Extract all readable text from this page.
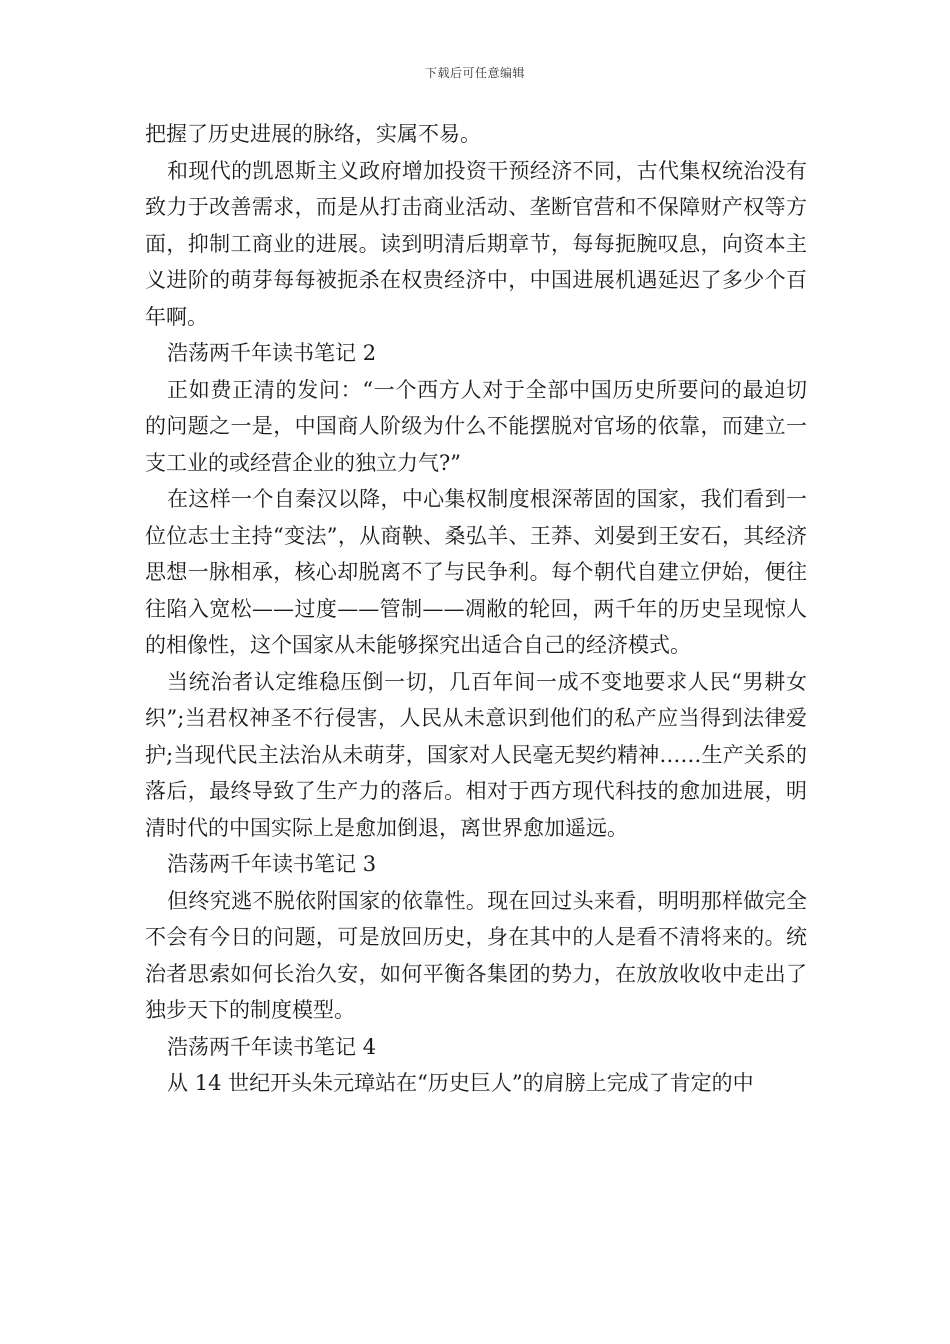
下载后可任意编辑

把握了历史进展的脉络，实属不易。

和现代的凯恩斯主义政府增加投资干预经济不同，古代集权统治没有致力于改善需求，而是从打击商业活动、垄断官营和不保障财产权等方面，抑制工商业的进展。读到明清后期章节，每每扼腕叹息，向资本主义进阶的萌芽每每被扼杀在权贵经济中，中国进展机遇延迟了多少个百年啊。

浩荡两千年读书笔记 2

正如费正清的发问：“一个西方人对于全部中国历史所要问的最迫切的问题之一是，中国商人阶级为什么不能摆脱对官场的依靠，而建立一支工业的或经营企业的独立力气?”

在这样一个自秦汉以降，中心集权制度根深蒂固的国家，我们看到一位位志士主持“变法”，从商鞅、桑弘羊、王莽、刘晏到王安石，其经济思想一脉相承，核心却脱离不了与民争利。每个朝代自建立伊始，便往往陷入宽松——过度——管制——凋敝的轮回，两千年的历史呈现惊人的相像性，这个国家从未能够探究出适合自己的经济模式。

当统治者认定维稳压倒一切，几百年间一成不变地要求人民“男耕女织”;当君权神圣不行侵害，人民从未意识到他们的私产应当得到法律爱护;当现代民主法治从未萌芽，国家对人民毫无契约精神……生产关系的落后，最终导致了生产力的落后。相对于西方现代科技的愈加进展，明清时代的中国实际上是愈加倒退，离世界愈加遥远。

浩荡两千年读书笔记 3

但终究逃不脱依附国家的依靠性。现在回过头来看，明明那样做完全不会有今日的问题，可是放回历史，身在其中的人是看不清将来的。统治者思索如何长治久安，如何平衡各集团的势力，在放放收收中走出了独步天下的制度模型。

浩荡两千年读书笔记 4

从 14 世纪开头朱元璋站在“历史巨人”的肩膀上完成了肯定的中
